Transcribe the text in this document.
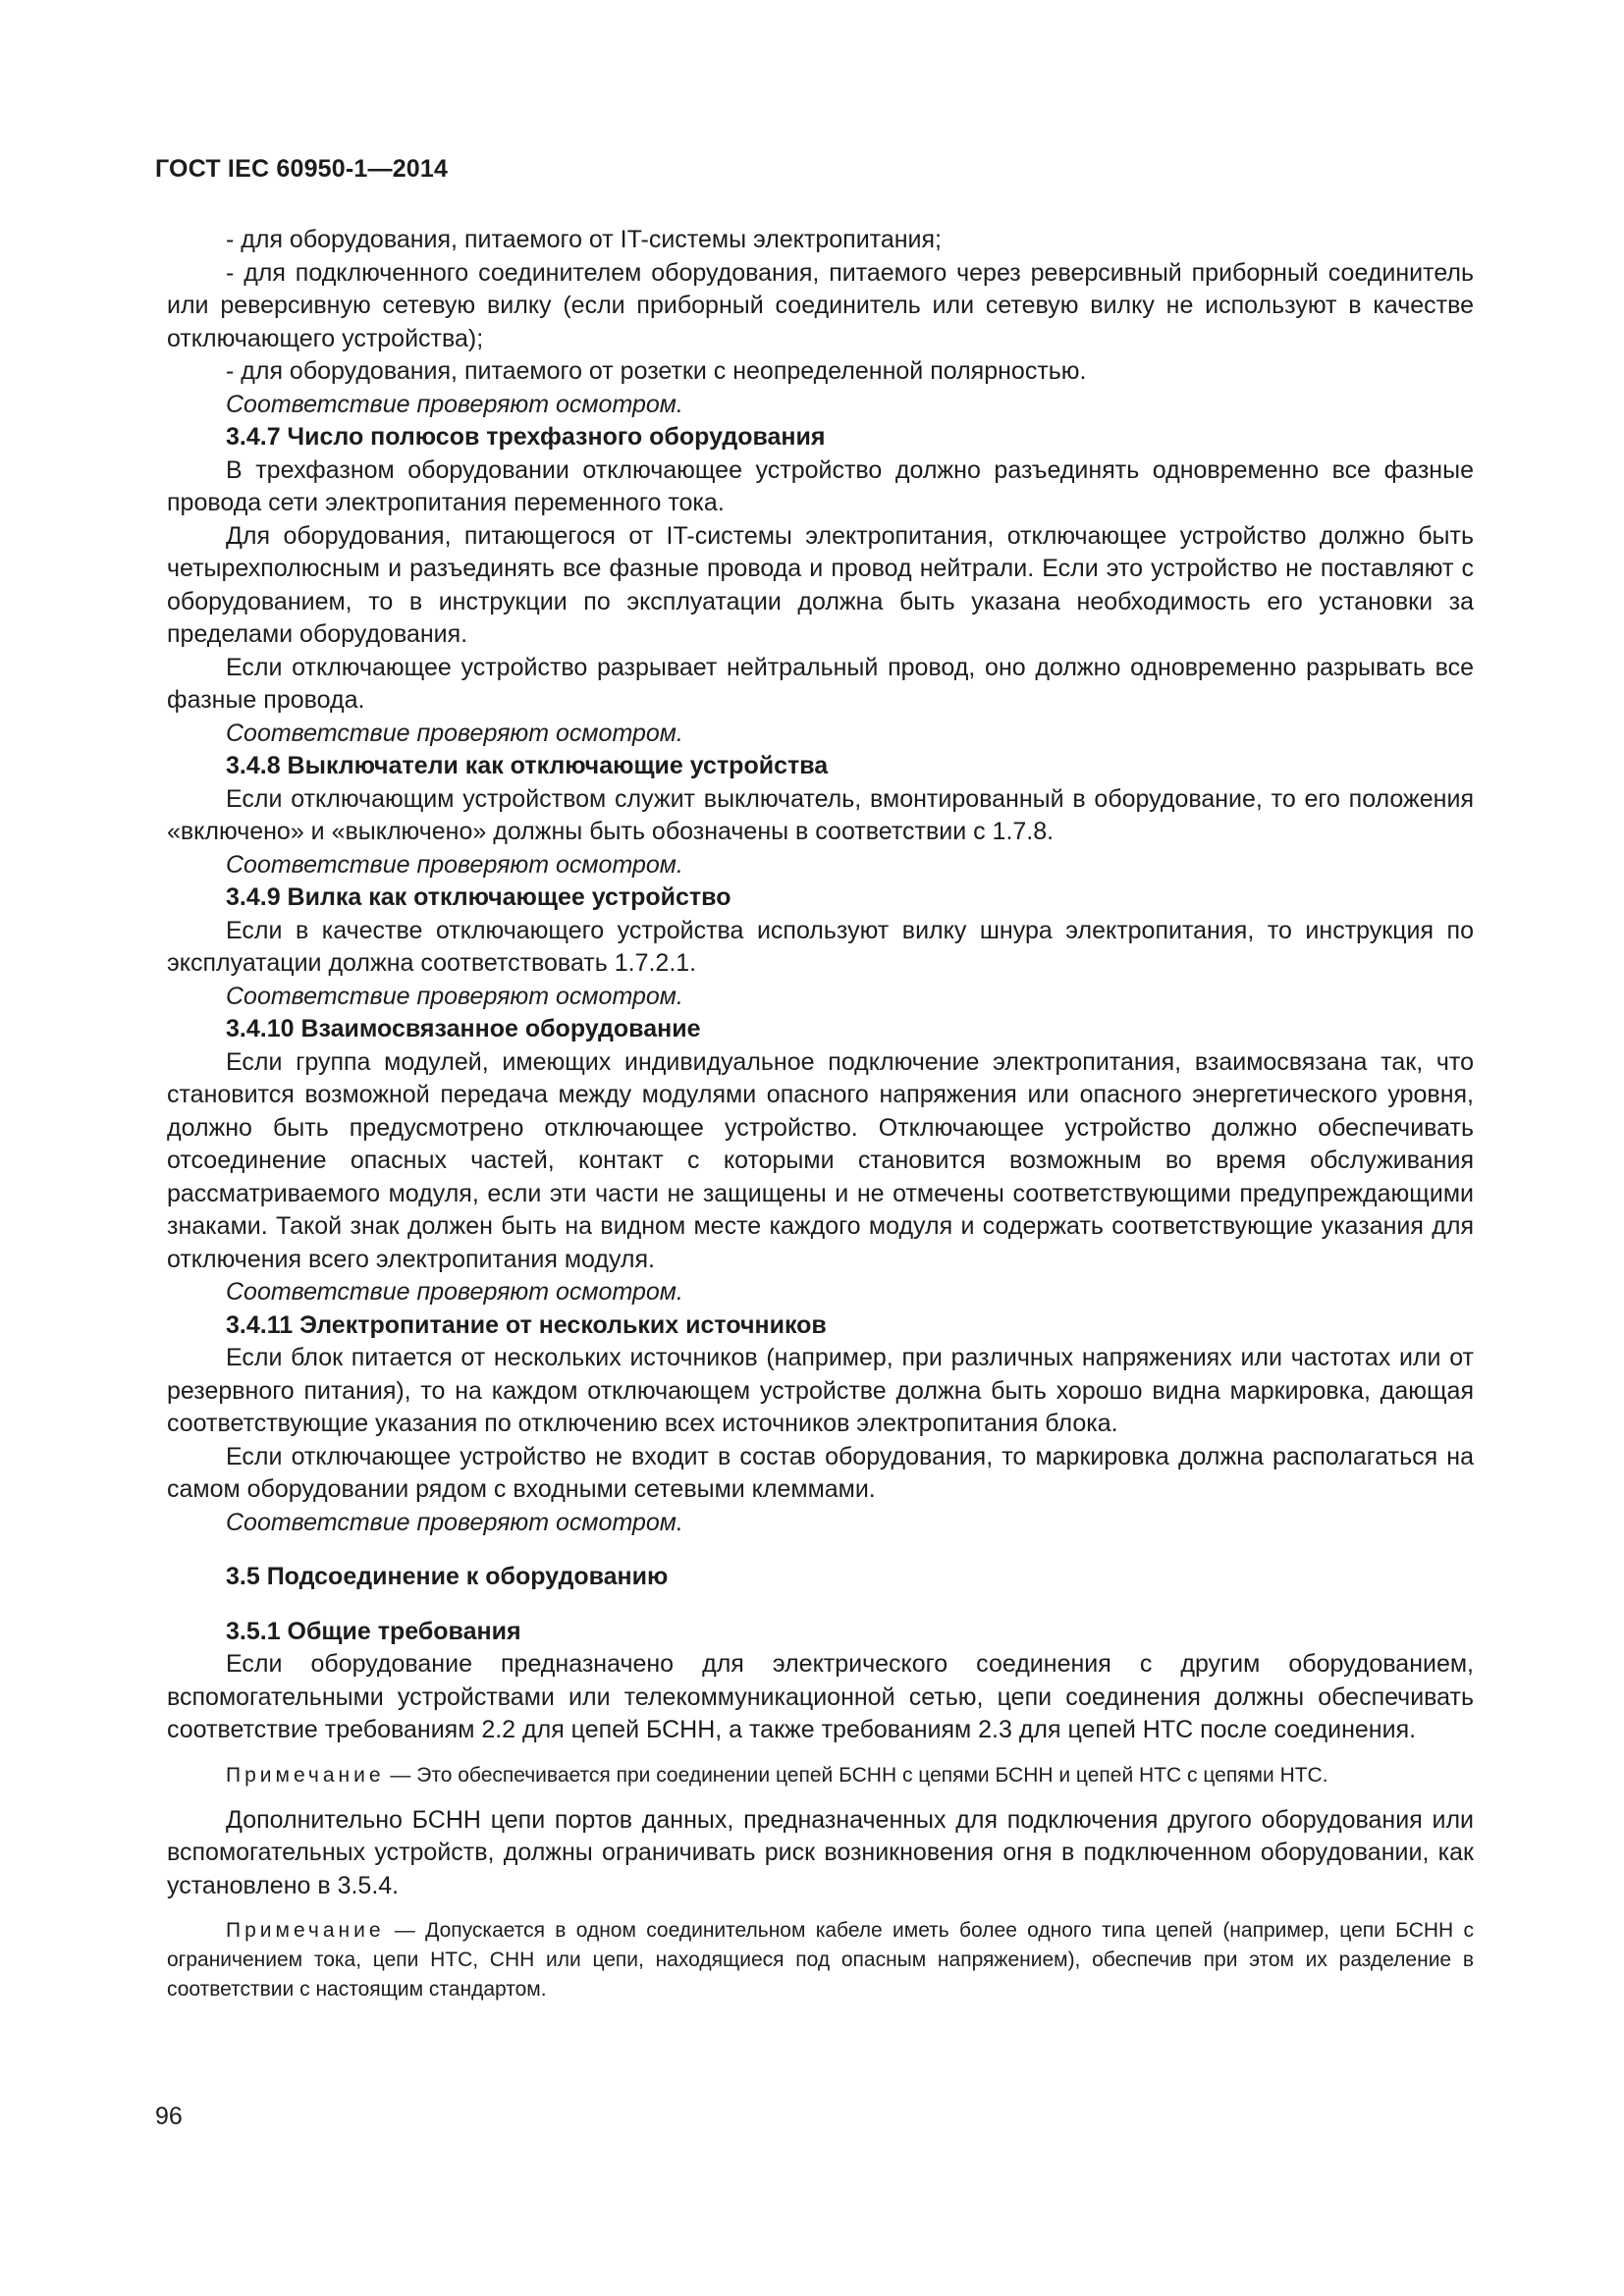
ГОСТ IEC 60950-1—2014

- для оборудования, питаемого от IT-системы электропитания;

- для подключенного соединителем оборудования, питаемого через реверсивный приборный соединитель или реверсивную сетевую вилку (если приборный соединитель или сетевую вилку не используют в качестве отключающего устройства);

- для оборудования, питаемого от розетки с неопределенной полярностью.

Соответствие проверяют осмотром.

3.4.7 Число полюсов трехфазного оборудования

В трехфазном оборудовании отключающее устройство должно разъединять одновременно все фазные провода сети электропитания переменного тока.

Для оборудования, питающегося от IT-системы электропитания, отключающее устройство должно быть четырехполюсным и разъединять все фазные провода и провод нейтрали. Если это устройство не поставляют с оборудованием, то в инструкции по эксплуатации должна быть указана необходимость его установки за пределами оборудования.

Если отключающее устройство разрывает нейтральный провод, оно должно одновременно разрывать все фазные провода.

Соответствие проверяют осмотром.

3.4.8 Выключатели как отключающие устройства

Если отключающим устройством служит выключатель, вмонтированный в оборудование, то его положения «включено» и «выключено» должны быть обозначены в соответствии с 1.7.8.

Соответствие проверяют осмотром.

3.4.9 Вилка как отключающее устройство

Если в качестве отключающего устройства используют вилку шнура электропитания, то инструкция по эксплуатации должна соответствовать 1.7.2.1.

Соответствие проверяют осмотром.

3.4.10 Взаимосвязанное оборудование

Если группа модулей, имеющих индивидуальное подключение электропитания, взаимосвязана так, что становится возможной передача между модулями опасного напряжения или опасного энергетического уровня, должно быть предусмотрено отключающее устройство. Отключающее устройство должно обеспечивать отсоединение опасных частей, контакт с которыми становится возможным во время обслуживания рассматриваемого модуля, если эти части не защищены и не отмечены соответствующими предупреждающими знаками. Такой знак должен быть на видном месте каждого модуля и содержать соответствующие указания для отключения всего электропитания модуля.

Соответствие проверяют осмотром.

3.4.11 Электропитание от нескольких источников

Если блок питается от нескольких источников (например, при различных напряжениях или частотах или от резервного питания), то на каждом отключающем устройстве должна быть хорошо видна маркировка, дающая соответствующие указания по отключению всех источников электропитания блока.

Если отключающее устройство не входит в состав оборудования, то маркировка должна располагаться на самом оборудовании рядом с входными сетевыми клеммами.

Соответствие проверяют осмотром.

3.5 Подсоединение к оборудованию

3.5.1 Общие требования

Если оборудование предназначено для электрического соединения с другим оборудованием, вспомогательными устройствами или телекоммуникационной сетью, цепи соединения должны обеспечивать соответствие требованиям 2.2 для цепей БСНН, а также требованиям 2.3 для цепей НТС после соединения.

Примечание — Это обеспечивается при соединении цепей БСНН с цепями БСНН и цепей НТС с цепями НТС.

Дополнительно БСНН цепи портов данных, предназначенных для подключения другого оборудования или вспомогательных устройств, должны ограничивать риск возникновения огня в подключенном оборудовании, как установлено в 3.5.4.

Примечание — Допускается в одном соединительном кабеле иметь более одного типа цепей (например, цепи БСНН с ограничением тока, цепи НТС, СНН или цепи, находящиеся под опасным напряжением), обеспечив при этом их разделение в соответствии с настоящим стандартом.

96
